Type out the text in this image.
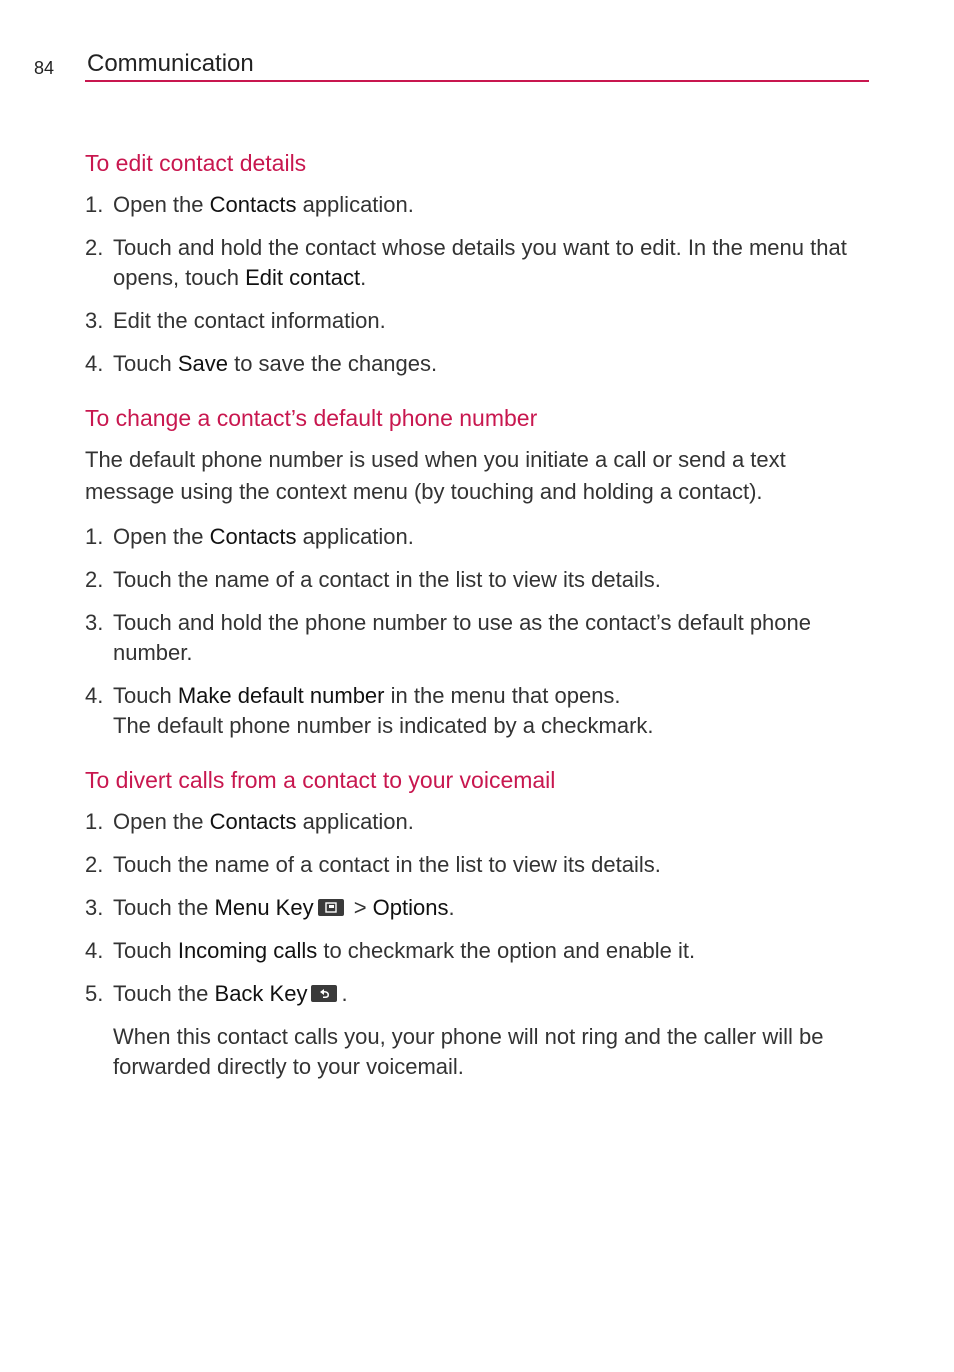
84 Communication
To edit contact details
1. Open the Contacts application.
2. Touch and hold the contact whose details you want to edit. In the menu that opens, touch Edit contact.
3. Edit the contact information.
4. Touch Save to save the changes.
To change a contact’s default phone number

The default phone number is used when you initiate a call or send a text message using the context menu (by touching and holding a contact).

1. Open the Contacts application.
2. Touch the name of a contact in the list to view its details.
3. Touch and hold the phone number to use as the contact’s default phone number.
4. Touch Make default number in the menu that opens.
The default phone number is indicated by a checkmark.
To divert calls from a contact to your voicemail
1. Open the Contacts application.
2. Touch the name of a contact in the list to view its details.
3. Touch the Menu Key
> Options.
4. Touch Incoming calls to checkmark the option and enable it.
5. Touch the Back Key .

When this contact calls you, your phone will not ring and the caller will be forwarded directly to your voicemail.
